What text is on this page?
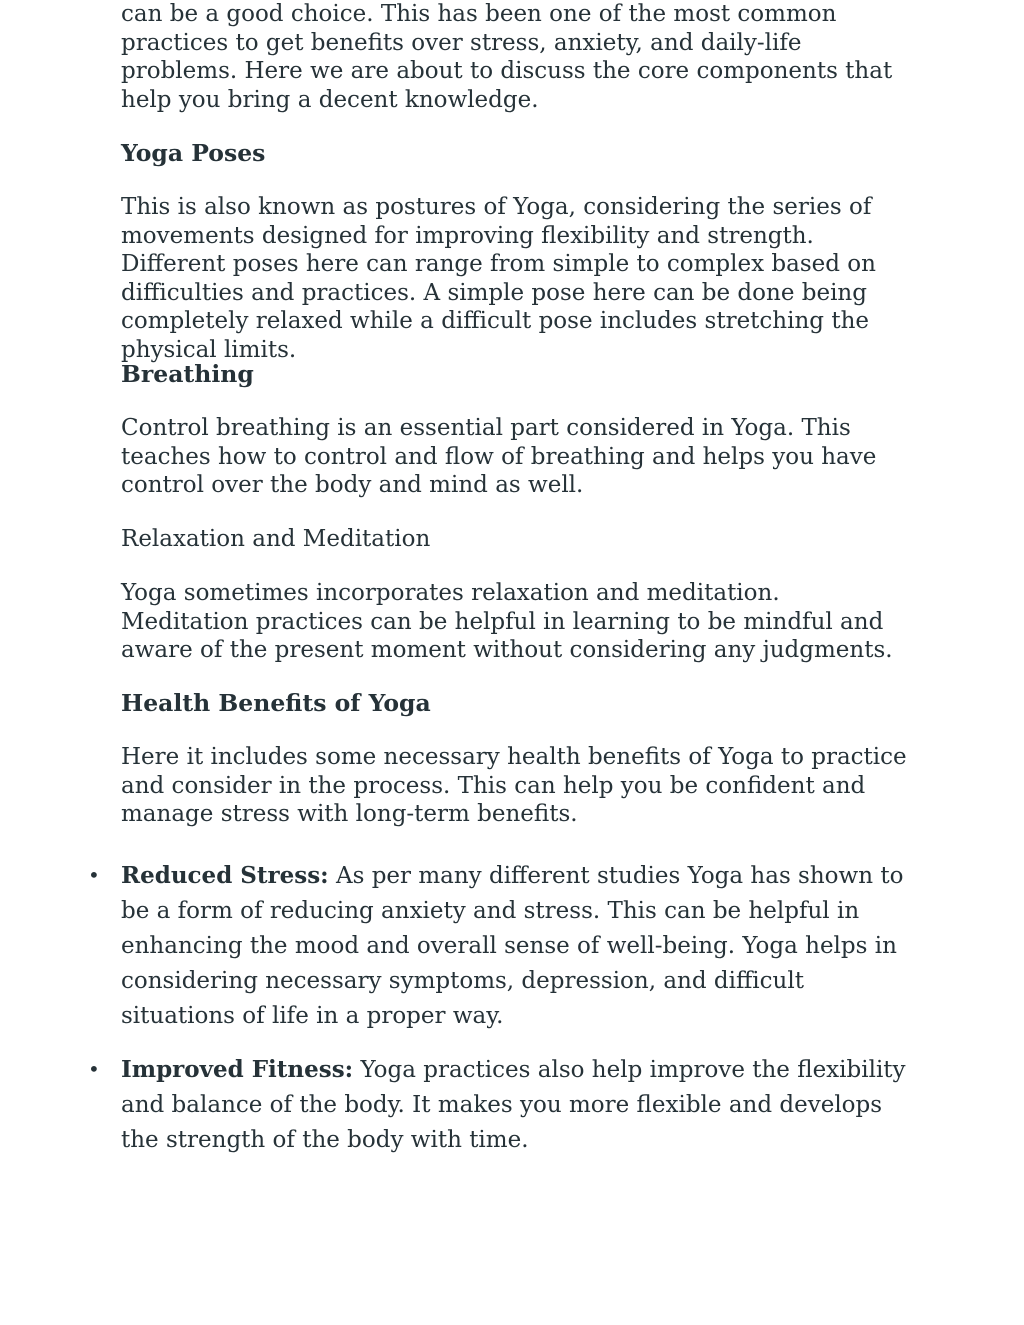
can be a good choice. This has been one of the most common practices to get benefits over stress, anxiety, and daily-life problems. Here we are about to discuss the core components that help you bring a decent knowledge.

Yoga Poses

This is also known as postures of Yoga, considering the series of movements designed for improving flexibility and strength. Different poses here can range from simple to complex based on difficulties and practices. A simple pose here can be done being completely relaxed while a difficult pose includes stretching the physical limits.

Breathing

Control breathing is an essential part considered in Yoga. This teaches how to control and flow of breathing and helps you have control over the body and mind as well.

Relaxation and Meditation

Yoga sometimes incorporates relaxation and meditation. Meditation practices can be helpful in learning to be mindful and aware of the present moment without considering any judgments.

Health Benefits of Yoga

Here it includes some necessary health benefits of Yoga to practice and consider in the process. This can help you be confident and manage stress with long-term benefits.

• Reduced Stress: As per many different studies Yoga has shown to be a form of reducing anxiety and stress. This can be helpful in enhancing the mood and overall sense of well-being. Yoga helps in considering necessary symptoms, depression, and difficult situations of life in a proper way.
• Improved Fitness: Yoga practices also help improve the flexibility and balance of the body. It makes you more flexible and develops the strength of the body with time.
